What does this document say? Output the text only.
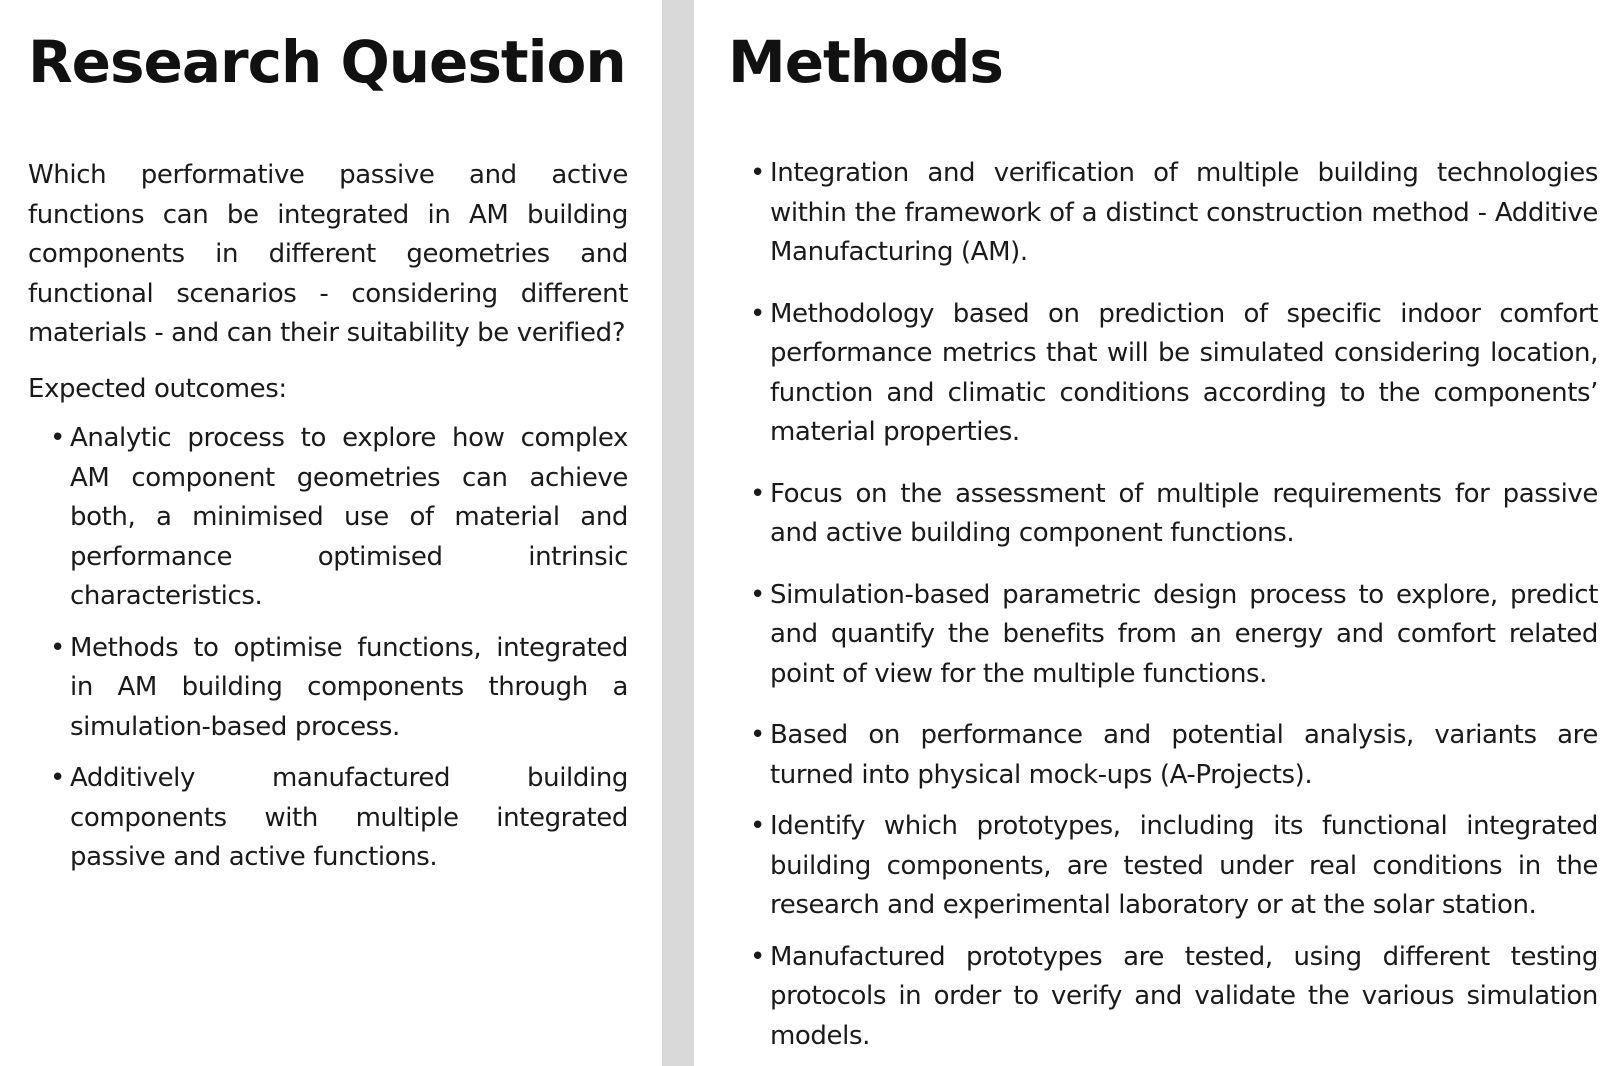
Research Question

Which performative passive and active functions can be integrated in AM building components in different geometries and functional scenarios - considering different materials - and can their suitability be verified?

Expected outcomes:

• Analytic process to explore how complex AM component geometries can achieve both, a minimised use of material and performance optimised intrinsic characteristics.
• Methods to optimise functions, integrated in AM building components through a simulation-based process.
• Additively manufactured building components with multiple integrated passive and active functions.
Methods
• Integration and verification of multiple building technologies within the framework of a distinct construction method - Additive Manufacturing (AM).
• Methodology based on prediction of specific indoor comfort performance metrics that will be simulated considering location, function and climatic conditions according to the components’ material properties.
• Focus on the assessment of multiple requirements for passive and active building component functions.
• Simulation-based parametric design process to explore, predict and quantify the benefits from an energy and comfort related point of view for the multiple functions.
• Based on performance and potential analysis, variants are turned into physical mock-ups (A-Projects).
• Identify which prototypes, including its functional integrated building components, are tested under real conditions in the research and experimental laboratory or at the solar station.
• Manufactured prototypes are tested, using different testing protocols in order to verify and validate the various simulation models.
